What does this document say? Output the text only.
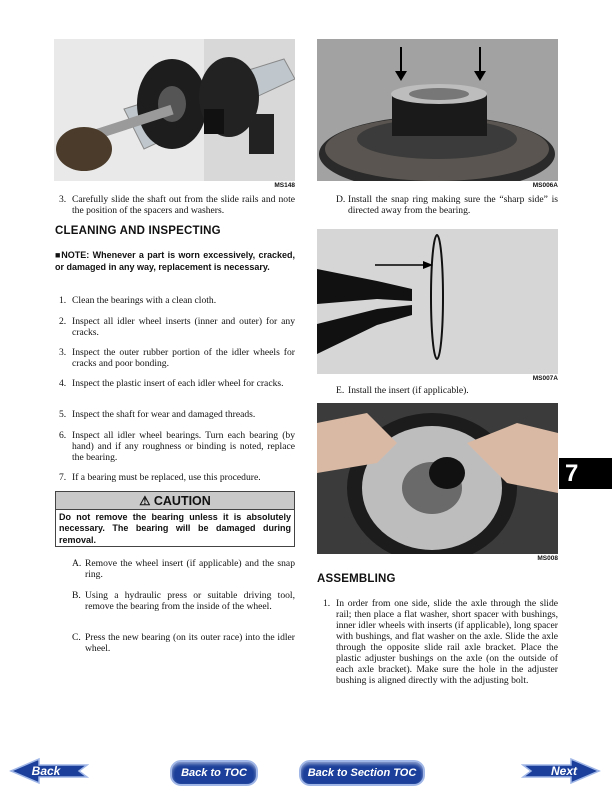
MS148	MS006A
MS007A
MS008
3. Carefully slide the shaft out from the slide rails and note the position of the spacers and washers.
CLEANING AND INSPECTING
■NOTE: Whenever a part is worn excessively, cracked, or damaged in any way, replacement is necessary.
1. Clean the bearings with a clean cloth.
2. Inspect all idler wheel inserts (inner and outer) for any cracks.
3. Inspect the outer rubber portion of the idler wheels for cracks and poor bonding.
4. Inspect the plastic insert of each idler wheel for cracks.
5. Inspect the shaft for wear and damaged threads.
6. Inspect all idler wheel bearings. Turn each bearing (by hand) and if any roughness or binding is noted, replace the bearing.
7. If a bearing must be replaced, use this procedure.
⚠ CAUTION
Do not remove the bearing unless it is absolutely necessary. The bearing will be damaged during removal.
A. Remove the wheel insert (if applicable) and the snap ring.
B. Using a hydraulic press or suitable driving tool, remove the bearing from the inside of the wheel.
C. Press the new bearing (on its outer race) into the idler wheel.
D. Install the snap ring making sure the “sharp side” is directed away from the bearing.
E. Install the insert (if applicable).
ASSEMBLING
1. In order from one side, slide the axle through the slide rail; then place a flat washer, short spacer with bushings, inner idler wheels with inserts (if applicable), long spacer with bushings, and flat washer on the axle. Slide the axle through the opposite slide rail axle bracket. Place the plastic adjuster bushings on the axle (on the outside of each axle bracket). Make sure the hole in the adjuster bushing is aligned directly with the adjusting bolt.
7
Back	Back to TOC	Back to Section TOC	Next
